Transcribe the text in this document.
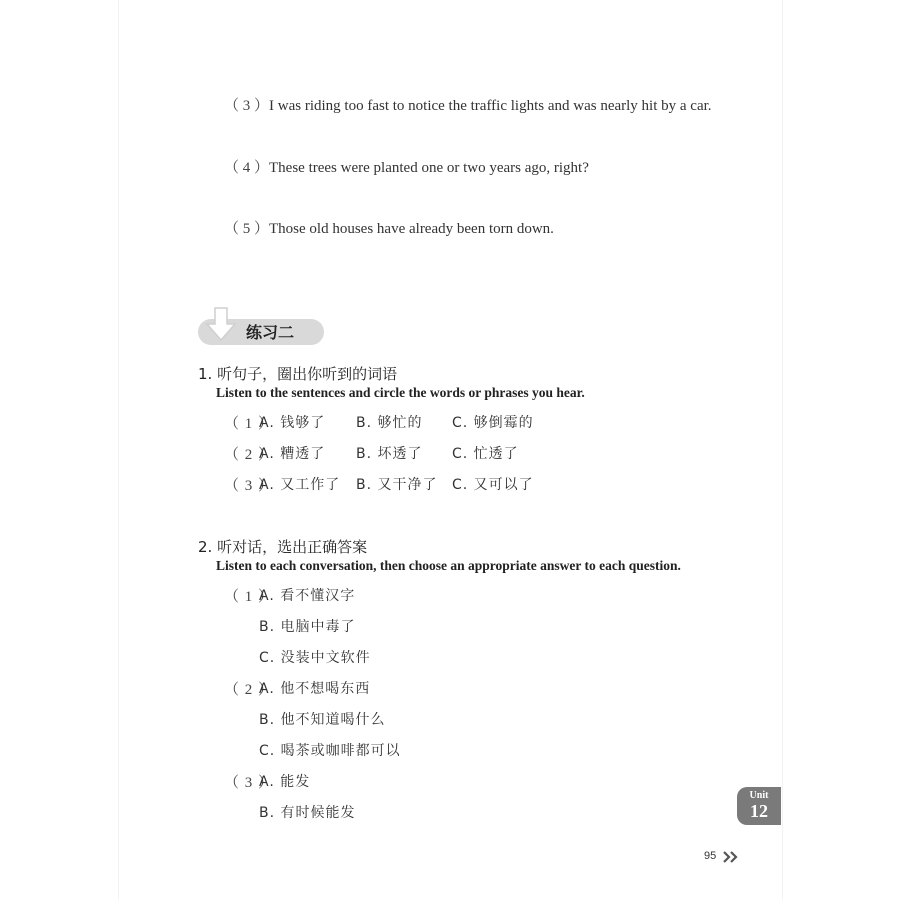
（ 3 ）I was riding too fast to notice the traffic lights and was nearly hit by a car.
（ 4 ）These trees were planted one or two years ago, right?
（ 5 ）Those old houses have already been torn down.
练习二
1. 听句子，圈出你听到的词语
Listen to the sentences and circle the words or phrases you hear.
（ 1 ）
A. 钱够了 B. 够忙的 C. 够倒霉的
（ 2 ）
A. 糟透了 B. 坏透了 C. 忙透了
（ 3 ）
A. 又工作了 B. 又干净了 C. 又可以了
2. 听对话，选出正确答案
Listen to each conversation, then choose an appropriate answer to each question.
（ 1 ）
A. 看不懂汉字
B. 电脑中毒了
C. 没装中文软件
（ 2 ）
A. 他不想喝东西
B. 他不知道喝什么
C. 喝茶或咖啡都可以
（ 3 ）
A. 能发
B. 有时候能发
Unit
12
95
